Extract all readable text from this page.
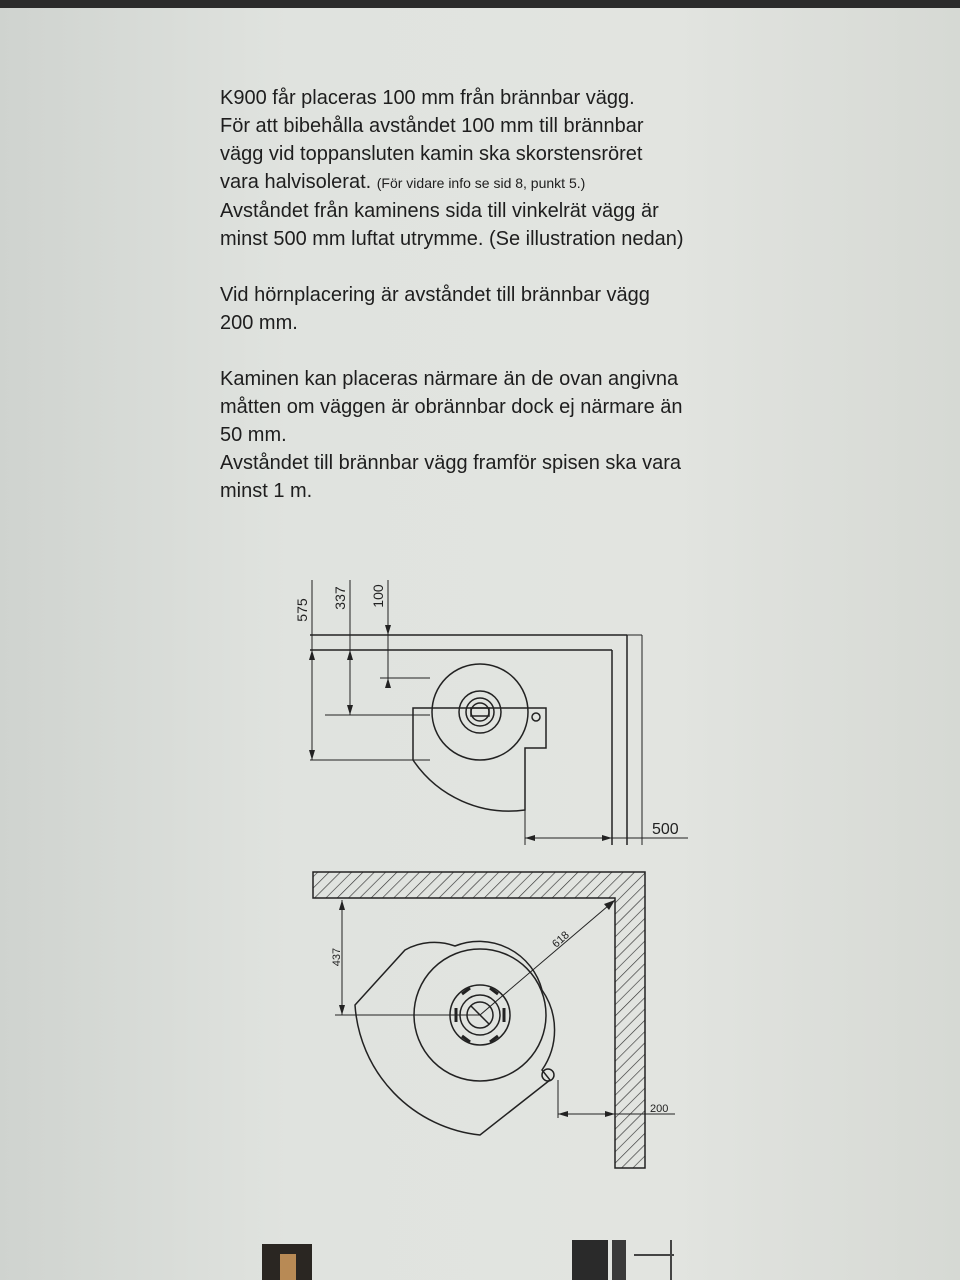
K900 får placeras 100 mm från brännbar vägg.

För att bibehålla avståndet 100 mm till brännbar

vägg vid toppansluten kamin ska skorstensröret

vara halvisolerat. (För vidare info se sid 8, punkt 5.)

Avståndet från kaminens sida till vinkelrät vägg är

minst 500 mm luftat utrymme. (Se illustration nedan)

Vid hörnplacering är avståndet till brännbar vägg

200 mm.

Kaminen kan placeras närmare än de ovan angivna

måtten om väggen är obrännbar dock ej närmare än

50 mm.

Avståndet till brännbar vägg framför spisen ska vara

minst 1 m.

575
337 100
500
437
618
200
